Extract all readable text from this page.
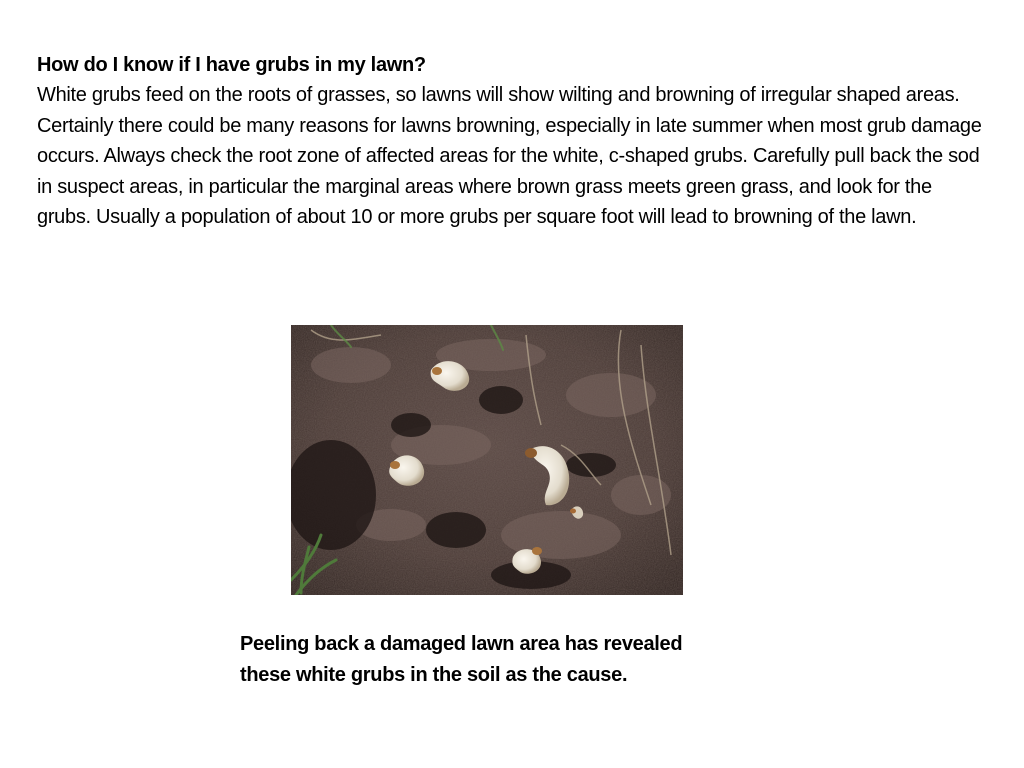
How do I know if I have grubs in my lawn?

White grubs feed on the roots of grasses, so lawns will show wilting and browning of irregular shaped areas. Certainly there could be many reasons for lawns browning, especially in late summer when most grub damage occurs. Always check the root zone of affected areas for the white, c-shaped grubs. Carefully pull back the sod in suspect areas, in particular the marginal areas where brown grass meets green grass, and look for the grubs. Usually a population of about 10 or more grubs per square foot will lead to browning of the lawn.

Peeling back a damaged lawn area has revealed
these white grubs in the soil as the cause.
